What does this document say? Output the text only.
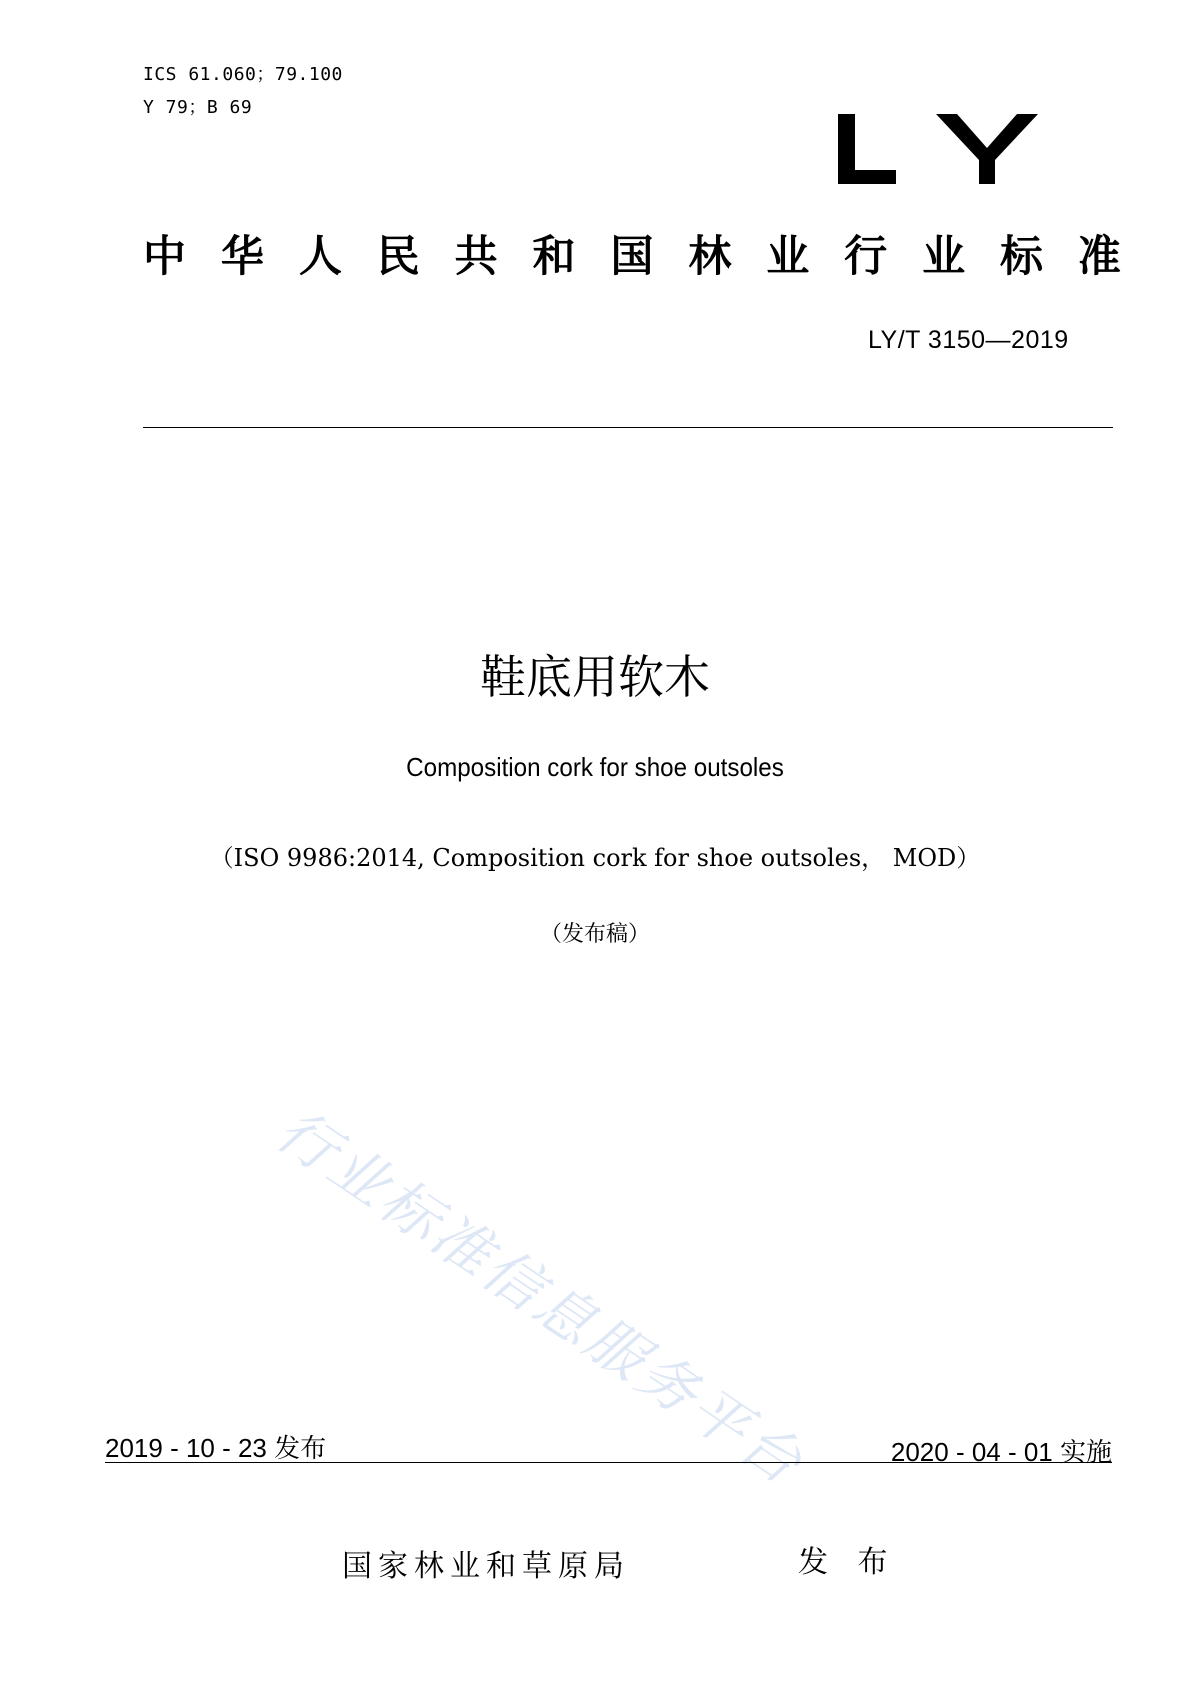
ICS 61.060；79.100
Y 79；B 69
中 华 人 民 共 和 国 林 业 行 业 标 准
LY/T 3150—2019
鞋底用软木
Composition cork for shoe outsoles
（ISO 9986:2014, Composition cork for shoe outsoles， MOD）
（发布稿）
行业标准信息服务平台
2019 - 10 - 23 发布	2020 - 04 - 01 实施
国家林业和草原局	发 布
